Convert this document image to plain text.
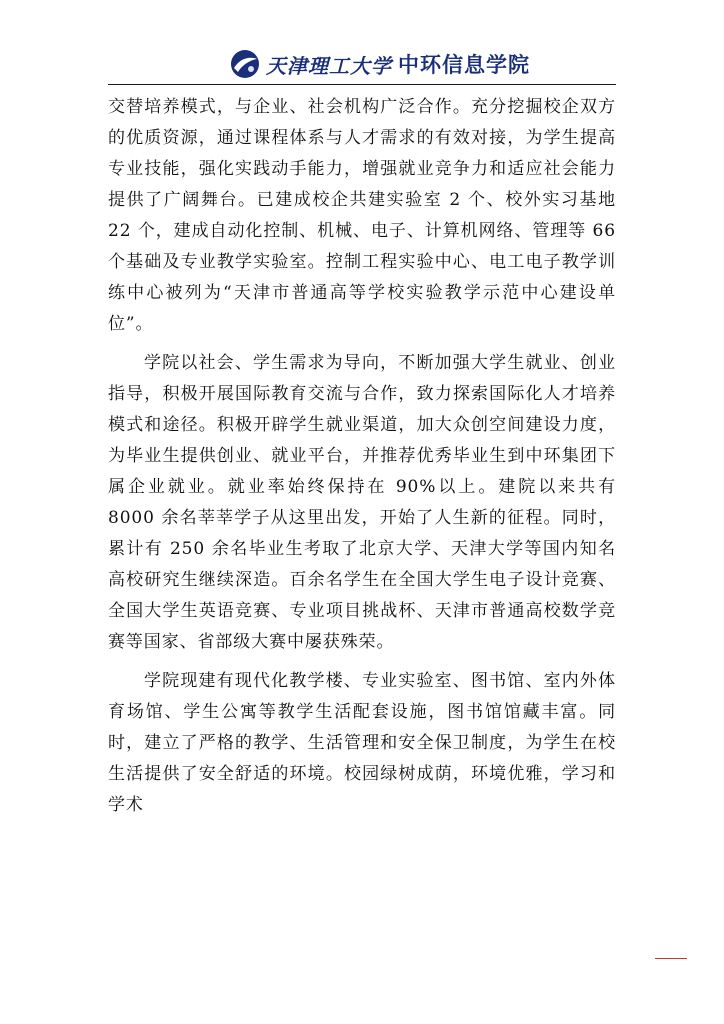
天津理工大学 中环信息学院

交替培养模式，与企业、社会机构广泛合作。充分挖掘校企双方的优质资源，通过课程体系与人才需求的有效对接，为学生提高专业技能，强化实践动手能力，增强就业竞争力和适应社会能力提供了广阔舞台。已建成校企共建实验室 2 个、校外实习基地 22 个，建成自动化控制、机械、电子、计算机网络、管理等 66 个基础及专业教学实验室。控制工程实验中心、电工电子教学训练中心被列为“天津市普通高等学校实验教学示范中心建设单位”。

学院以社会、学生需求为导向，不断加强大学生就业、创业指导，积极开展国际教育交流与合作，致力探索国际化人才培养模式和途径。积极开辟学生就业渠道，加大众创空间建设力度，为毕业生提供创业、就业平台，并推荐优秀毕业生到中环集团下属企业就业。就业率始终保持在 90%以上。建院以来共有 8000 余名莘莘学子从这里出发，开始了人生新的征程。同时，累计有 250 余名毕业生考取了北京大学、天津大学等国内知名高校研究生继续深造。百余名学生在全国大学生电子设计竞赛、全国大学生英语竞赛、专业项目挑战杯、天津市普通高校数学竞赛等国家、省部级大赛中屡获殊荣。

学院现建有现代化教学楼、专业实验室、图书馆、室内外体育场馆、学生公寓等教学生活配套设施，图书馆馆藏丰富。同时，建立了严格的教学、生活管理和安全保卫制度，为学生在校生活提供了安全舒适的环境。校园绿树成荫，环境优雅，学习和学术
